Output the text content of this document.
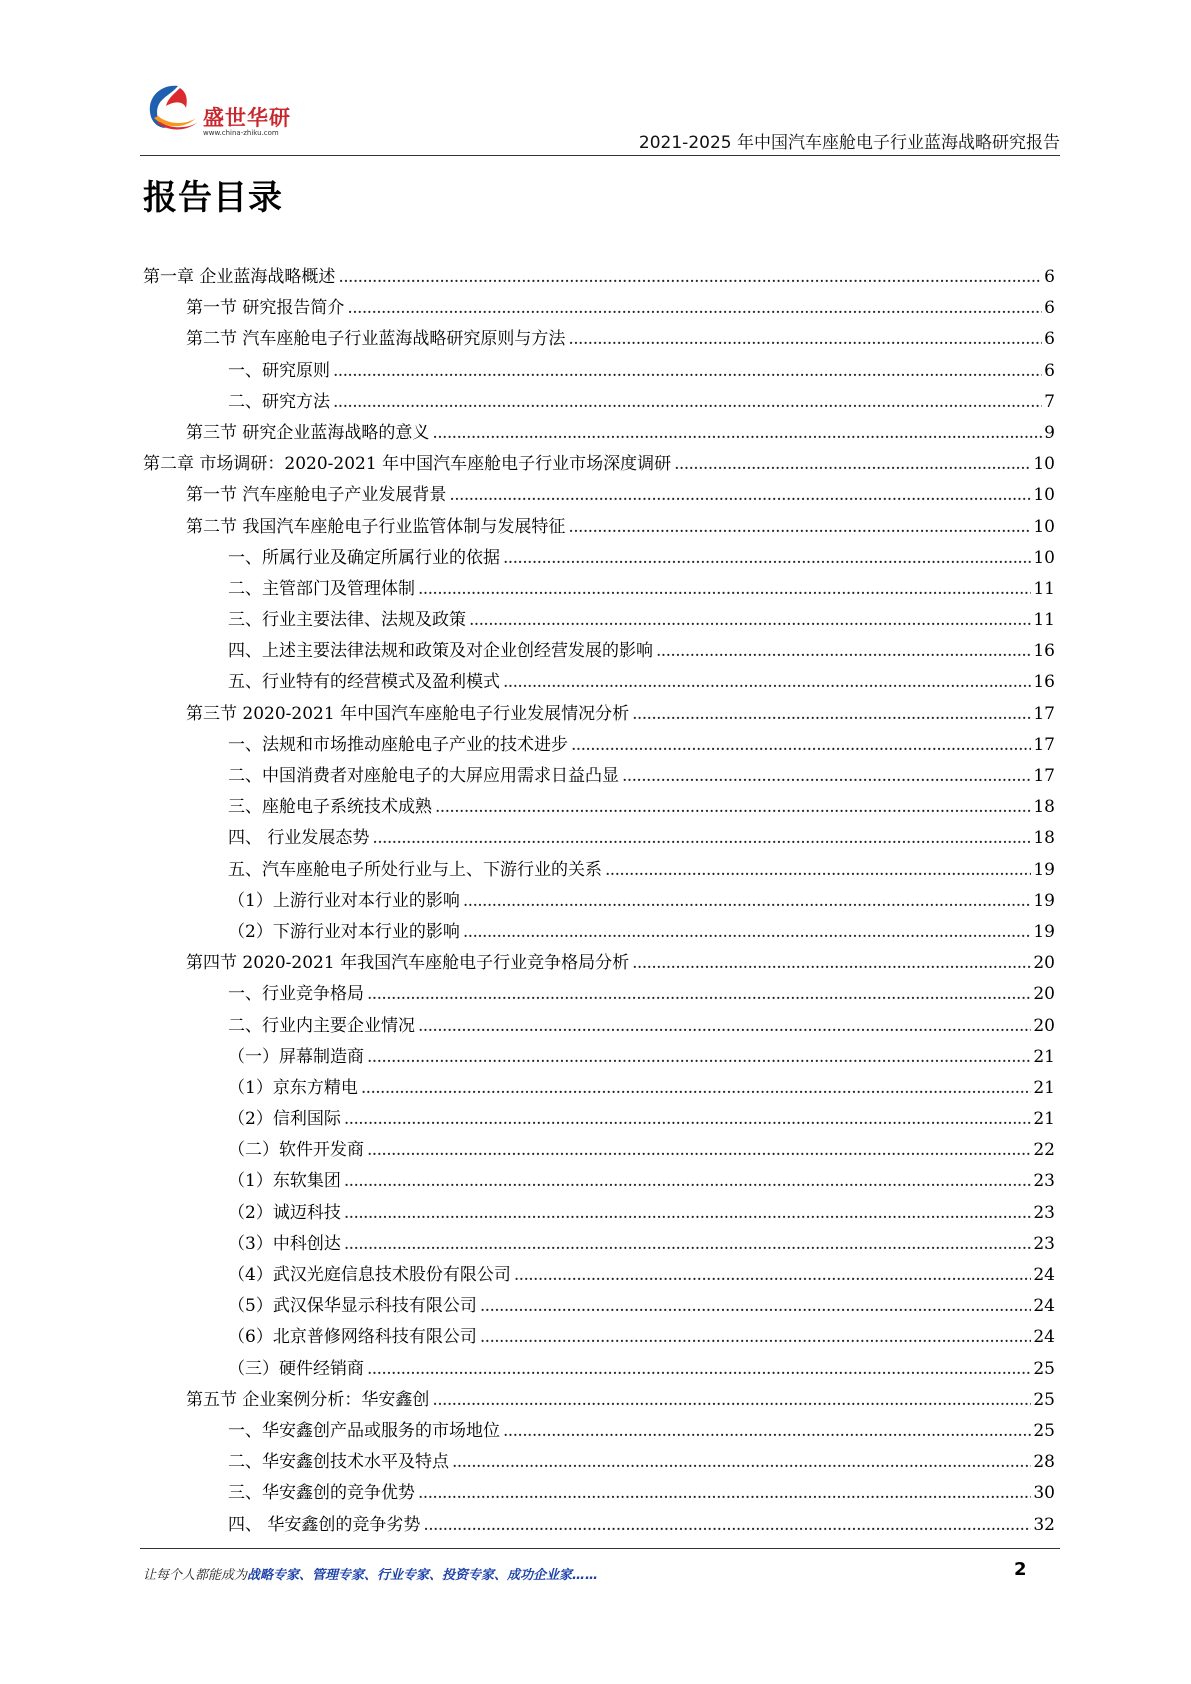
盛世华研
www.china-zhiku.com	2021-2025 年中国汽车座舱电子行业蓝海战略研究报告
报告目录
第一章 企业蓝海战略概述 . . .	6
第一节 研究报告简介 . . .	6
第二节 汽车座舱电子行业蓝海战略研究原则与方法 . . .	6
一、研究原则 . . .	6
二、研究方法 . . .	7
第三节 研究企业蓝海战略的意义 . . .	9
第二章 市场调研：2020-2021 年中国汽车座舱电子行业市场深度调研 . . .	10
第一节 汽车座舱电子产业发展背景 . . .	10
第二节 我国汽车座舱电子行业监管体制与发展特征 . . .	10
一、所属行业及确定所属行业的依据 . . .	10
二、主管部门及管理体制 . . .	11
三、行业主要法律、法规及政策 . . .	11
四、上述主要法律法规和政策及对企业创经营发展的影响 . . .	16
五、行业特有的经营模式及盈利模式 . . .	16
第三节 2020-2021 年中国汽车座舱电子行业发展情况分析 . . .	17
一、法规和市场推动座舱电子产业的技术进步 . . .	17
二、中国消费者对座舱电子的大屏应用需求日益凸显 . . .	17
三、座舱电子系统技术成熟 . . .	18
四、 行业发展态势 . . .	18
五、汽车座舱电子所处行业与上、下游行业的关系 . . .	19
（1）上游行业对本行业的影响 . . .	19
（2）下游行业对本行业的影响 . . .	19
第四节 2020-2021 年我国汽车座舱电子行业竞争格局分析 . . .	20
一、行业竞争格局 . . .	20
二、行业内主要企业情况 . . .	20
（一）屏幕制造商 . . .	21
（1）京东方精电 . . .	21
（2）信利国际 . . .	21
（二）软件开发商 . . .	22
（1）东软集团 . . .	23
（2）诚迈科技 . . .	23
（3）中科创达 . . .	23
（4）武汉光庭信息技术股份有限公司 . . .	24
（5）武汉保华显示科技有限公司 . . .	24
（6）北京普修网络科技有限公司 . . .	24
（三）硬件经销商 . . .	25
第五节 企业案例分析：华安鑫创 . . .	25
一、华安鑫创产品或服务的市场地位 . . .	25
二、华安鑫创技术水平及特点 . . .	28
三、华安鑫创的竞争优势 . . .	30
四、 华安鑫创的竞争劣势 . . .	32
让每个人都能成为战略专家、管理专家、行业专家、投资专家、成功企业家……	2
